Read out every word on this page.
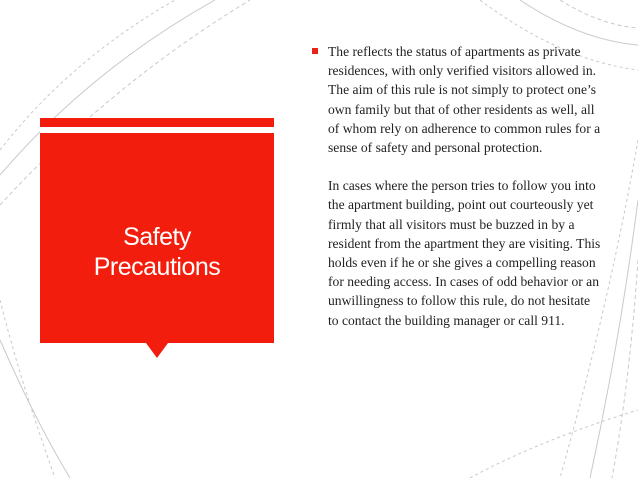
Safety
Precautions

The reflects the status of apartments as private residences, with only verified visitors allowed in. The aim of this rule is not simply to protect one’s own family but that of other residents as well, all of whom rely on adherence to common rules for a sense of safety and personal protection.

In cases where the person tries to follow you into the apartment building, point out courteously yet firmly that all visitors must be buzzed in by a resident from the apartment they are visiting. This holds even if he or she gives a compelling reason for needing access. In cases of odd behavior or an unwillingness to follow this rule, do not hesitate to contact the building manager or call 911.
